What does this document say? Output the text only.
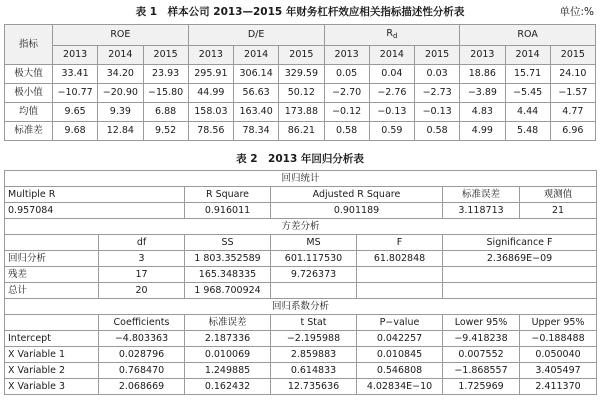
表 1　样本公司 2013—2015 年财务杠杆效应相关指标描述性分析表	单位:%
指标	ROE			D/E			$R_d$			ROA		
	2013	2014	2015	2013	2014	2015	2013	2014	2015	2013	2014	2015
极大值	33.41	34.20	23.93	295.91	306.14	329.59	0.05	0.04	0.03	18.86	15.71	24.10
极小值	−10.77	−20.90	−15.80	44.99	56.63	50.12	−2.70	−2.76	−2.73	−3.89	−5.45	−1.57
均值	9.65	9.39	6.88	158.03	163.40	173.88	−0.12	−0.13	−0.13	4.83	4.44	4.77
标准差	9.68	12.84	9.52	78.56	78.34	86.21	0.58	0.59	0.58	4.99	5.48	6.96
表 2　2013 年回归分析表
回归统计						
Multiple R		R Square	Adjusted R Square		标准误差	观测值
0.957084		0.916011	0.901189		3.118713	21
方差分析						
	df	SS	MS	F	Significance F	
回归分析	3	1 803.352589	601.117530	61.802848	2.36869E−09	
残差	17	165.348335	9.726373			
总计	20	1 968.700924				
回归系数分析						
	Coefficients	标准误差	t Stat	P−value	Lower 95%	Upper 95%
Intercept	−4.803363	2.187336	−2.195988	0.042257	−9.418238	−0.188488
X Variable 1	0.028796	0.010069	2.859883	0.010845	0.007552	0.050040
X Variable 2	0.768470	1.249885	0.614833	0.546808	−1.868557	3.405497
X Variable 3	2.068669	0.162432	12.735636	4.02834E−10	1.725969	2.411370
